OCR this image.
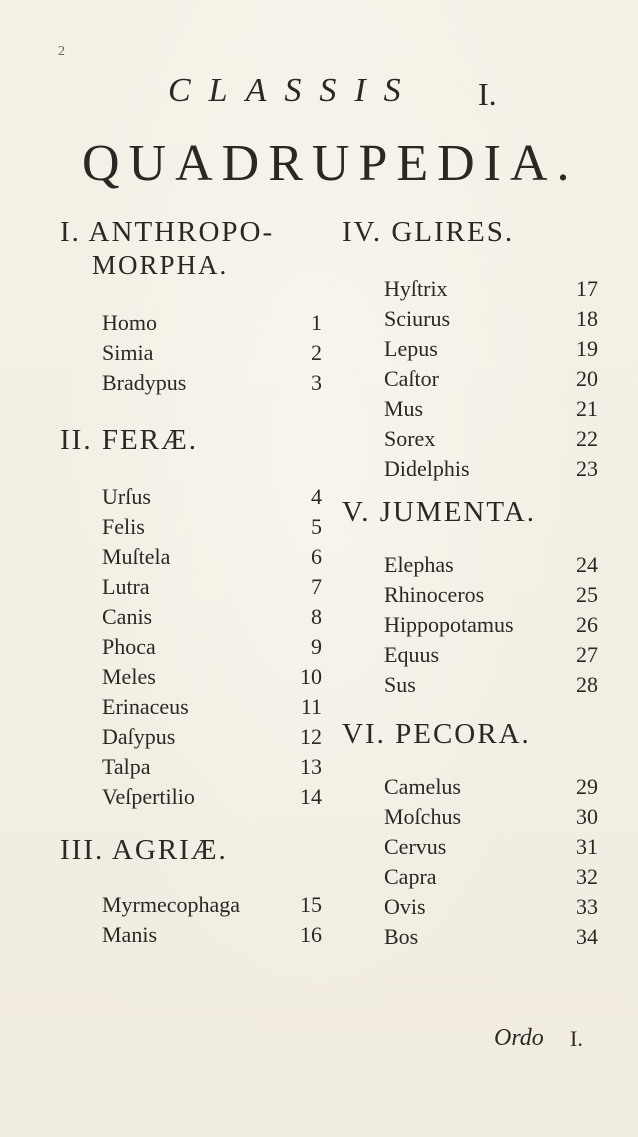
2
CLASSIS I.
QUADRUPEDIA.
I. ANTHROPO-
MORPHA.
Homo	1
Simia	2
Bradypus	3
II. FERÆ.
Urſus	4
Felis	5
Muſtela	6
Lutra	7
Canis	8
Phoca	9
Meles	10
Erinaceus	11
Daſypus	12
Talpa	13
Veſpertilio	14
III. AGRIÆ.
Myrmecophaga	15
Manis	16
IV. GLIRES.
Hyſtrix	17
Sciurus	18
Lepus	19
Caſtor	20
Mus	21
Sorex	22
Didelphis	23
V. JUMENTA.
Elephas	24
Rhinoceros	25
Hippopotamus	26
Equus	27
Sus	28
VI. PECORA.
Camelus	29
Moſchus	30
Cervus	31
Capra	32
Ovis	33
Bos	34
Ordo I.
